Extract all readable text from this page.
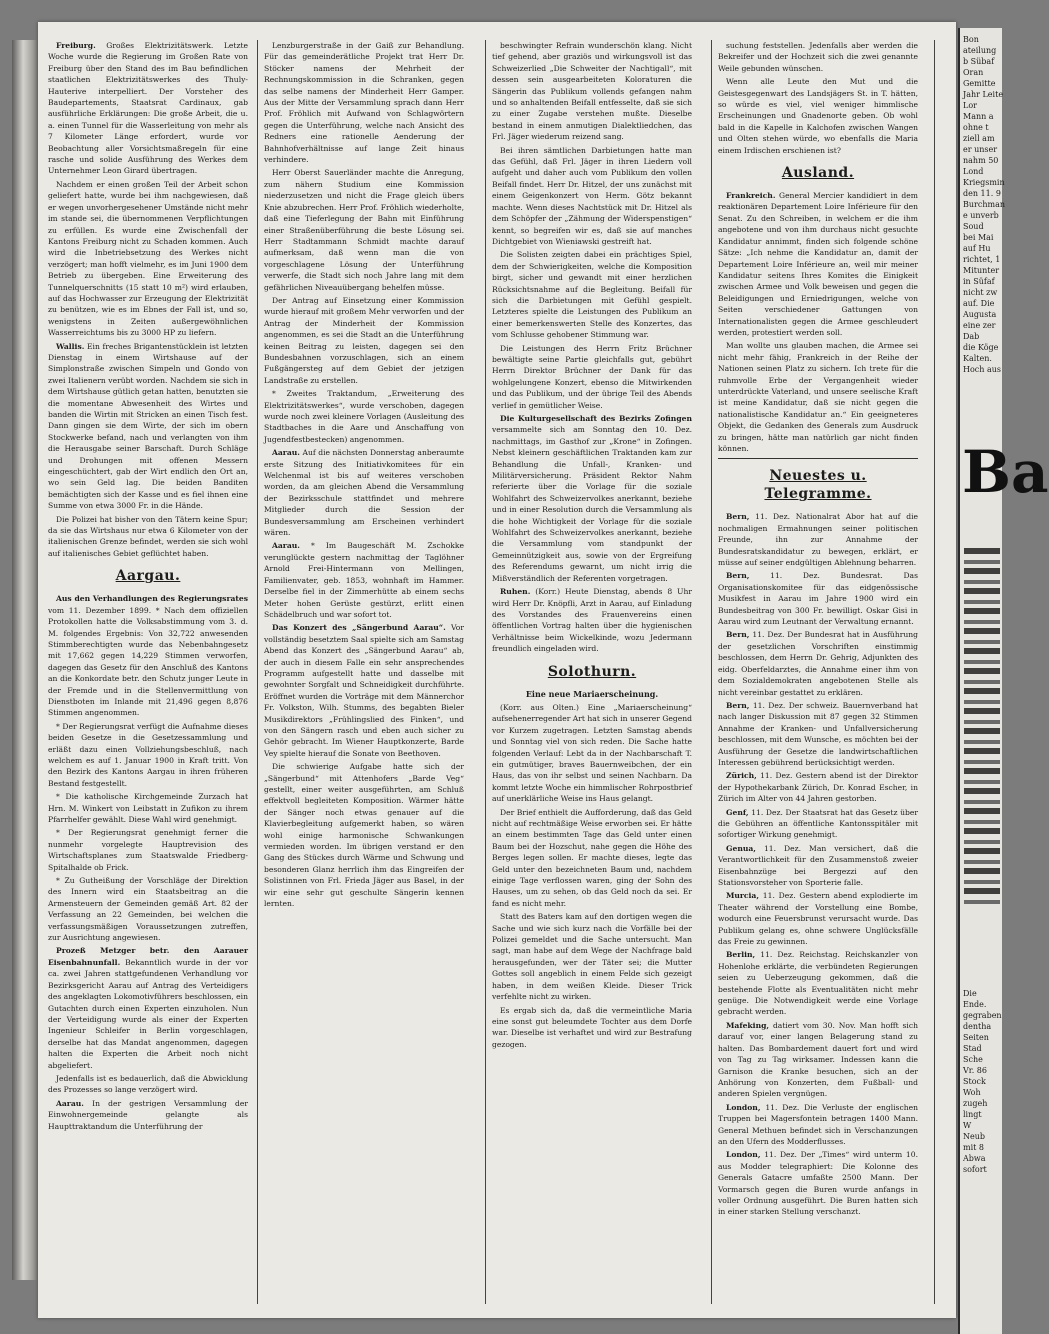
Freiburg. Großes Elektrizitätswerk. Letzte Woche wurde die Regierung im Großen Rate von Freiburg über den Stand des im Bau befindlichen staatlichen Elektrizitätswerkes des Thuly-Hauterive interpelliert. Der Vorsteher des Baudepartements, Staatsrat Cardinaux, gab ausführliche Erklärungen: Die große Arbeit, die u. a. einen Tunnel für die Wasserleitung von mehr als 7 Kilometer Länge erfordert, wurde vor Beobachtung aller Vorsichtsmaßregeln für eine rasche und solide Ausführung des Werkes dem Unternehmer Leon Girard übertragen.

Nachdem er einen großen Teil der Arbeit schon geliefert hatte, wurde bei ihm nachgewiesen, daß er wegen unvorhergesehener Umstände nicht mehr im stande sei, die übernommenen Verpflichtungen zu erfüllen. Es wurde eine Zwischenfall der Kantons Freiburg nicht zu Schaden kommen. Auch wird die Inbetriebsetzung des Werkes nicht verzögert; man hofft vielmehr, es im Juni 1900 dem Betrieb zu übergeben. Eine Erweiterung des Tunnelquerschnitts (15 statt 10 m²) wird erlauben, auf das Hochwasser zur Erzeugung der Elektrizität zu benützen, wie es im Ebnes der Fall ist, und so, wenigstens in Zeiten außergewöhnlichen Wasserreichtums bis zu 3000 HP zu liefern.

Wallis. Ein freches Brigantenstücklein ist letzten Dienstag in einem Wirtshause auf der Simplonstraße zwischen Simpeln und Gondo von zwei Italienern verübt worden. Nachdem sie sich in dem Wirtshause gütlich getan hatten, benutzten sie die momentane Abwesenheit des Wirtes und banden die Wirtin mit Stricken an einen Tisch fest. Dann gingen sie dem Wirte, der sich im obern Stockwerke befand, nach und verlangten von ihm die Herausgabe seiner Barschaft. Durch Schläge und Drohungen mit offenen Messern eingeschüchtert, gab der Wirt endlich den Ort an, wo sein Geld lag. Die beiden Banditen bemächtigten sich der Kasse und es fiel ihnen eine Summe von etwa 3000 Fr. in die Hände.

Die Polizei hat bisher von den Tätern keine Spur; da sie das Wirtshaus nur etwa 6 Kilometer von der italienischen Grenze befindet, werden sie sich wohl auf italienisches Gebiet geflüchtet haben.

Aargau.

Aus den Verhandlungen des Regierungsrates vom 11. Dezember 1899. * Nach dem offiziellen Protokollen hatte die Volksabstimmung vom 3. d. M. folgendes Ergebnis: Von 32,722 anwesenden Stimmberechtigten wurde das Nebenbahngesetz mit 17,662 gegen 14,229 Stimmen verworfen, dagegen das Gesetz für den Anschluß des Kantons an die Konkordate betr. den Schutz junger Leute in der Fremde und in die Stellenvermittlung von Dienstboten im Inlande mit 21,496 gegen 8,876 Stimmen angenommen.

* Der Regierungsrat verfügt die Aufnahme dieses beiden Gesetze in die Gesetzessammlung und erläßt dazu einen Vollziehungsbeschluß, nach welchem es auf 1. Januar 1900 in Kraft tritt. Von den Bezirk des Kantons Aargau in ihren früheren Bestand festgestellt.

* Die katholische Kirchgemeinde Zurzach hat Hrn. M. Winkert von Leibstatt in Zufikon zu ihrem Pfarrhelfer gewählt. Diese Wahl wird genehmigt.

* Der Regierungsrat genehmigt ferner die nunmehr vorgelegte Hauptrevision des Wirtschaftsplanes zum Staatswalde Friedberg-Spitalhalde ob Frick.

* Zu Gutheißung der Vorschläge der Direktion des Innern wird ein Staatsbeitrag an die Armensteuern der Gemeinden gemäß Art. 82 der Verfassung an 22 Gemeinden, bei welchen die verfassungsmäßigen Voraussetzungen zutreffen, zur Ausrichtung angewiesen.

Prozeß Metzger betr. den Aarauer Eisenbahnunfall. Bekanntlich wurde in der vor ca. zwei Jahren stattgefundenen Verhandlung vor Bezirksgericht Aarau auf Antrag des Verteidigers des angeklagten Lokomotivführers beschlossen, ein Gutachten durch einen Experten einzuholen. Nun der Verteidigung wurde als einer der Experten Ingenieur Schleifer in Berlin vorgeschlagen, derselbe hat das Mandat angenommen, dagegen halten die Experten die Arbeit noch nicht abgeliefert.

Jedenfalls ist es bedauerlich, daß die Abwicklung des Prozesses so lange verzögert wird.

Aarau. In der gestrigen Versammlung der Einwohnergemeinde gelangte als Haupttraktandum die Unterführung der

Lenzburgerstraße in der Gaiß zur Behandlung. Für das gemeinderätliche Projekt trat Herr Dr. Stöcker namens der Mehrheit der Rechnungskommission in die Schranken, gegen das selbe namens der Minderheit Herr Gamper. Aus der Mitte der Versammlung sprach dann Herr Prof. Fröhlich mit Aufwand von Schlagwörtern gegen die Unterführung, welche nach Ansicht des Redners eine rationelle Aenderung der Bahnhofverhältnisse auf lange Zeit hinaus verhindere.

Herr Oberst Sauerländer machte die Anregung, zum nähern Studium eine Kommission niederzusetzen und nicht die Frage gleich übers Knie abzubrechen. Herr Prof. Fröhlich wiederholte, daß eine Tieferlegung der Bahn mit Einführung einer Straßenüberführung die beste Lösung sei. Herr Stadtammann Schmidt machte darauf aufmerksam, daß wenn man die von vorgeschlagene Lösung der Unterführung verwerfe, die Stadt sich noch Jahre lang mit dem gefährlichen Niveauübergang behelfen müsse.

Der Antrag auf Einsetzung einer Kommission wurde hierauf mit großem Mehr verworfen und der Antrag der Minderheit der Kommission angenommen, es sei die Stadt an die Unterführung keinen Beitrag zu leisten, dagegen sei den Bundesbahnen vorzuschlagen, sich an einem Fußgängersteg auf dem Gebiet der jetzigen Landstraße zu erstellen.

* Zweites Traktandum, „Erweiterung des Elektrizitätswerkes“, wurde verschoben, dagegen wurde noch zwei kleinere Vorlagen (Ausleitung des Stadtbaches in die Aare und Anschaffung von Jugendfestbestecken) angenommen.

Aarau. Auf die nächsten Donnerstag anberaumte erste Sitzung des Initiativkomitees für ein Welchenmal ist bis auf weiteres verschoben worden, da am gleichen Abend die Versammlung der Bezirksschule stattfindet und mehrere Mitglieder durch die Session der Bundesversammlung am Erscheinen verhindert wären.

Aarau. * Im Baugeschäft M. Zschokke verunglückte gestern nachmittag der Taglöhner Arnold Frei-Hintermann von Mellingen, Familienvater, geb. 1853, wohnhaft im Hammer. Derselbe fiel in der Zimmerhütte ab einem sechs Meter hohen Gerüste gestürzt, erlitt einen Schädelbruch und war sofort tot.

Das Konzert des „Sängerbund Aarau“. Vor vollständig besetztem Saal spielte sich am Samstag Abend das Konzert des „Sängerbund Aarau“ ab, der auch in diesem Falle ein sehr ansprechendes Programm aufgestellt hatte und dasselbe mit gewohnter Sorgfalt und Schneidigkeit durchführte. Eröffnet wurden die Vorträge mit dem Männerchor Fr. Volkston, Wilh. Stumms, des begabten Bieler Musikdirektors „Frühlingslied des Finken“, und von den Sängern rasch und eben auch sicher zu Gehör gebracht. Im Wiener Hauptkonzerte, Barde Vey spielte hierauf die Sonate von Beethoven.

Die schwierige Aufgabe hatte sich der „Sängerbund“ mit Attenhofers „Barde Veg“ gestellt, einer weiter ausgeführten, am Schluß effektvoll begleiteten Komposition. Wärmer hätte der Sänger noch etwas genauer auf die Klavierbegleitung aufgemerkt haben, so wären wohl einige harmonische Schwankungen vermieden worden. Im übrigen verstand er den Gang des Stückes durch Wärme und Schwung und besonderen Glanz herrlich ihm das Eingreifen der Solistinnen von Frl. Frieda Jäger aus Basel, in der wir eine sehr gut geschulte Sängerin kennen lernten.

beschwingter Refrain wunderschön klang. Nicht tief gehend, aber graziös und wirkungsvoll ist das Schweizerlied „Die Schweiter der Nachtigall“, mit dessen sein ausgearbeiteten Koloraturen die Sängerin das Publikum vollends gefangen nahm und so anhaltenden Beifall entfesselte, daß sie sich zu einer Zugabe verstehen mußte. Dieselbe bestand in einem anmutigen Dialektliedchen, das Frl. Jäger wiederum reizend sang.

Bei ihren sämtlichen Darbietungen hatte man das Gefühl, daß Frl. Jäger in ihren Liedern voll aufgeht und daher auch vom Publikum den vollen Beifall findet. Herr Dr. Hitzel, der uns zunächst mit einem Geigenkonzert von Herm. Götz bekannt machte. Wenn dieses Nachtstück mit Dr. Hitzel als dem Schöpfer der „Zähmung der Widerspenstigen“ kennt, so begreifen wir es, daß sie auf manches Dichtgebiet von Wieniawski gestreift hat.

Die Solisten zeigten dabei ein prächtiges Spiel, dem der Schwierigkeiten, welche die Komposition birgt, sicher und gewandt mit einer herzlichen Rücksichtsnahme auf die Begleitung. Beifall für sich die Darbietungen mit Gefühl gespielt. Letzteres spielte die Leistungen des Publikum an einer bemerkenswerten Stelle des Konzertes, das vom Schlusse gehobener Stimmung war.

Die Leistungen des Herrn Fritz Brüchner bewältigte seine Partie gleichfalls gut, gebührt Herrn Direktor Brüchner der Dank für das wohlgelungene Konzert, ebenso die Mitwirkenden und das Publikum, und der übrige Teil des Abends verlief in gemütlicher Weise.

Die Kulturgesellschaft des Bezirks Zofingen versammelte sich am Sonntag den 10. Dez. nachmittags, im Gasthof zur „Krone“ in Zofingen. Nebst kleinern geschäftlichen Traktanden kam zur Behandlung die Unfall-, Kranken- und Militärversicherung. Präsident Rektor Nahm referierte über die Vorlage für die soziale Wohlfahrt des Schweizervolkes anerkannt, beziehe und in einer Resolution durch die Versammlung als die hohe Wichtigkeit der Vorlage für die soziale Wohlfahrt des Schweizervolkes anerkannt, beziehe die Versammlung vom standpunkt der Gemeinnützigkeit aus, sowie von der Ergreifung des Referendums gewarnt, um nicht irrig die Mißverständlich der Referenten vorgetragen.

Ruhen. (Korr.) Heute Dienstag, abends 8 Uhr wird Herr Dr. Knöpfli, Arzt in Aarau, auf Einladung des Vorstandes des Frauenvereins einen öffentlichen Vortrag halten über die hygienischen Verhältnisse beim Wickelkinde, wozu Jedermann freundlich eingeladen wird.

Solothurn.
Eine neue Mariaerscheinung.

(Korr. aus Olten.) Eine „Mariaerscheinung“ aufsehenerregender Art hat sich in unserer Gegend vor Kurzem zugetragen. Letzten Samstag abends und Sonntag viel von sich reden. Die Sache hatte folgenden Verlauf: Lebt da in der Nachbarschaft T. ein gutmütiger, braves Bauernweibchen, der ein Haus, das von ihr selbst und seinen Nachbarn. Da kommt letzte Woche ein himmlischer Rohrpostbrief auf unerklärliche Weise ins Haus gelangt.

Der Brief enthielt die Aufforderung, daß das Geld nicht auf rechtmäßige Weise erworben sei. Er hätte an einem bestimmten Tage das Geld unter einen Baum bei der Hozschut, nahe gegen die Höhe des Berges legen sollen. Er machte dieses, legte das Geld unter den bezeichneten Baum und, nachdem einige Tage verflossen waren, ging der Sohn des Hauses, um zu sehen, ob das Geld noch da sei. Er fand es nicht mehr.

Statt des Baters kam auf den dortigen wegen die Sache und wie sich kurz nach die Vorfälle bei der Polizei gemeldet und die Sache untersucht. Man sagt, man habe auf dem Wege der Nachfrage bald herausgefunden, wer der Täter sei; die Mutter Gottes soll angeblich in einem Felde sich gezeigt haben, in dem weißen Kleide. Dieser Trick verfehlte nicht zu wirken.

Es ergab sich da, daß die vermeintliche Maria eine sonst gut beleumdete Tochter aus dem Dorfe war. Dieselbe ist verhaftet und wird zur Bestrafung gezogen.

suchung feststellen. Jedenfalls aber werden die Bekreifer und der Hochzeit sich die zwei genannte Weile gebunden wünschen.

Wenn alle Leute den Mut und die Geistesgegenwart des Landsjägers St. in T. hätten, so würde es viel, viel weniger himmlische Erscheinungen und Gnadenorte geben. Ob wohl bald in die Kapelle in Kalchofen zwischen Wangen und Olten stehen würde, wo ebenfalls die Maria einem Irdischen erschienen ist?

Ausland.

Frankreich. General Mercier kandidiert in dem reaktionären Departement Loire Inférieure für den Senat. Zu den Schreiben, in welchem er die ihm angebotene und von ihm durchaus nicht gesuchte Kandidatur annimmt, finden sich folgende schöne Sätze: „Ich nehme die Kandidatur an, damit der Departement Loire Inférieure an, weil mir meiner Kandidatur seitens Ihres Komites die Einigkeit zwischen Armee und Volk beweisen und gegen die Beleidigungen und Erniedrigungen, welche von Seiten verschiedener Gattungen von Internationalisten gegen die Armee geschleudert werden, protestiert werden soll.

Man wollte uns glauben machen, die Armee sei nicht mehr fähig, Frankreich in der Reihe der Nationen seinen Platz zu sichern. Ich trete für die ruhmvolle Erbe der Vergangenheit wieder unterdrückte Vaterland, und unsere seelische Kraft ist meine Kandidatur, daß sie nicht gegen die nationalistische Kandidatur an.“ Ein geeigneteres Objekt, die Gedanken des Generals zum Ausdruck zu bringen, hätte man natürlich gar nicht finden können.

Neuestes u. Telegramme.

Bern, 11. Dez. Nationalrat Abor hat auf die nochmaligen Ermahnungen seiner politischen Freunde, ihn zur Annahme der Bundesratskandidatur zu bewegen, erklärt, er müsse auf seiner endgültigen Ablehnung beharren.

Bern,	11. Dez. Bundesrat. Das Organisationskomitee für das eidgenössische Musikfest in Aarau im Jahre 1900 wird ein Bundesbeitrag von 300 Fr. bewilligt. Oskar Gisi in Aarau wird zum Leutnant der Verwaltung ernannt.

Bern, 11. Dez. Der Bundesrat hat in Ausführung der gesetzlichen Vorschriften einstimmig beschlossen, dem Herrn Dr. Gehrig, Adjunkten des eidg. Oberfeldarztes, die Annahme einer ihm von dem Sozialdemokraten angebotenen Stelle als nicht vereinbar gestattet zu erklären.

Bern, 11. Dez. Der schweiz. Bauernverband hat nach langer Diskussion mit 87 gegen 32 Stimmen Annahme der Kranken- und Unfallversicherung beschlossen, mit dem Wunsche, es möchten bei der Ausführung der Gesetze die landwirtschaftlichen Interessen gebührend berücksichtigt werden.

Zürich, 11. Dez. Gestern abend ist der Direktor der Hypothekarbank Zürich, Dr. Konrad Escher, in Zürich im Alter von 44 Jahren gestorben.

Genf, 11. Dez. Der Staatsrat hat das Gesetz über die Gebühren an öffentliche Kantonsspitäler mit sofortiger Wirkung genehmigt.

Genua, 11. Dez. Man versichert, daß die Verantwortlichkeit für den Zusammenstoß zweier Eisenbahnzüge bei Bergezzi auf den Stationsvorsteher von Sporterie falle.

Murcia, 11. Dez. Gestern abend explodierte im Theater während der Vorstellung eine Bombe, wodurch eine Feuersbrunst verursacht wurde. Das Publikum gelang es, ohne schwere Unglücksfälle das Freie zu gewinnen.

Berlin, 11. Dez. Reichstag. Reichskanzler von Hohenlohe erklärte, die verbündeten Regierungen seien zu Ueberzeugung gekommen, daß die bestehende Flotte als Eventualitäten nicht mehr genüge. Die Notwendigkeit werde eine Vorlage gebracht werden.

Mafeking, datiert vom 30. Nov. Man hofft sich darauf vor, einer langen Belagerung stand zu halten. Das Bombardement dauert fort und wird von Tag zu Tag wirksamer. Indessen kann die Garnison die Kranke besuchen, sich an der Anhörung von Konzerten, dem Fußball- und anderen Spielen vergnügen.

London, 11. Dez. Die Verluste der englischen Truppen bei Magersfontein betragen 1400 Mann. General Methuen befindet sich in Verschanzungen an den Ufern des Modderflusses.

London, 11. Dez. Der „Times“ wird unterm 10. aus Modder telegraphiert: Die Kolonne des Generals Gatacre umfaßte 2500 Mann. Der Vormarsch gegen die Buren wurde anfangs in voller Ordnung ausgeführt. Die Buren hatten sich in einer starken Stellung verschanzt.

Bon
ateilung
b Sübaf
Oran
Gemitte
Jahr Leite
Lor
Mann a
ohne t
ziell am
er unser
nahm 50
Lond
Kriegsmin
den 11. 9
Burchman
e unverb
Soud
bei Mai
auf Hu
richtet, 1
Mitunter
in Süfaf
nicht zw
auf. Die
Augusta
eine zer
Dab
die Köge
Kalten.
Hoch aus
Ba
Die
Ende.
gegraben
dentha
Seiten
Stad
Sche
Vr. 86
Stock
Woh
zugeh
lingt
W
Neub
mit 8
Abwa
sofort
